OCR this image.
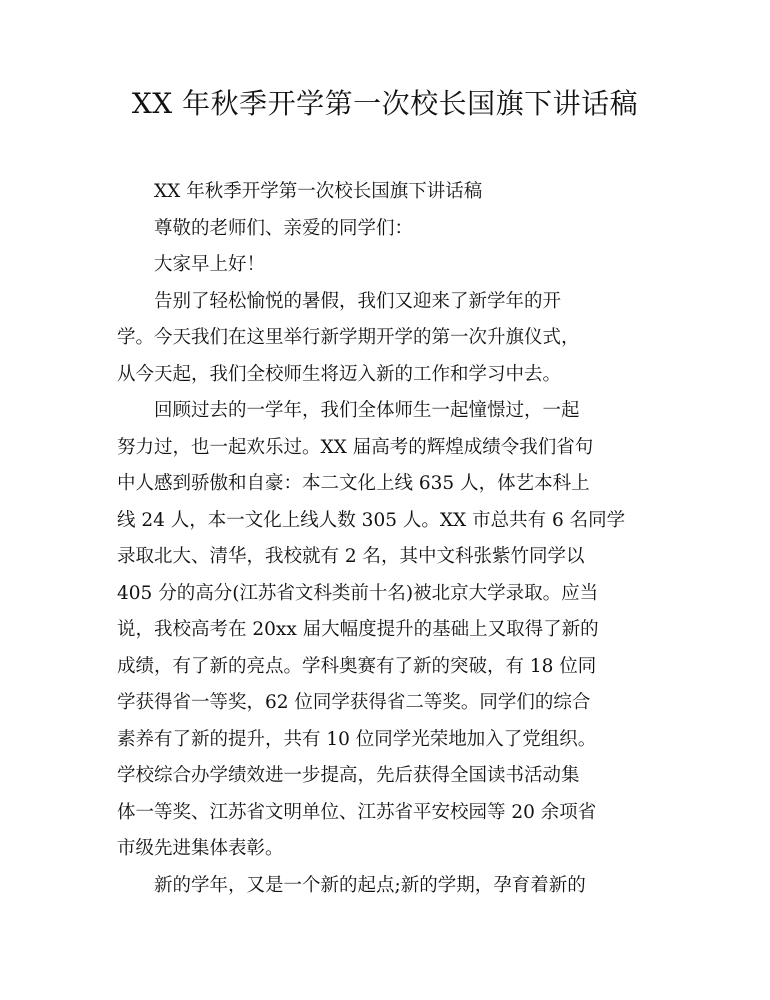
XX 年秋季开学第一次校长国旗下讲话稿

XX 年秋季开学第一次校长国旗下讲话稿

尊敬的老师们、亲爱的同学们：

大家早上好！

告别了轻松愉悦的暑假，我们又迎来了新学年的开
学。今天我们在这里举行新学期开学的第一次升旗仪式，
从今天起，我们全校师生将迈入新的工作和学习中去。

回顾过去的一学年，我们全体师生一起憧憬过，一起
努力过，也一起欢乐过。XX 届高考的辉煌成绩令我们省句
中人感到骄傲和自豪：本二文化上线 635 人，体艺本科上
线 24 人，本一文化上线人数 305 人。XX 市总共有 6 名同学
录取北大、清华，我校就有 2 名，其中文科张紫竹同学以
405 分的高分(江苏省文科类前十名)被北京大学录取。应当
说，我校高考在 20xx 届大幅度提升的基础上又取得了新的
成绩，有了新的亮点。学科奥赛有了新的突破，有 18 位同
学获得省一等奖，62 位同学获得省二等奖。同学们的综合
素养有了新的提升，共有 10 位同学光荣地加入了党组织。
学校综合办学绩效进一步提高，先后获得全国读书活动集
体一等奖、江苏省文明单位、江苏省平安校园等 20 余项省
市级先进集体表彰。

新的学年，又是一个新的起点;新的学期，孕育着新的
